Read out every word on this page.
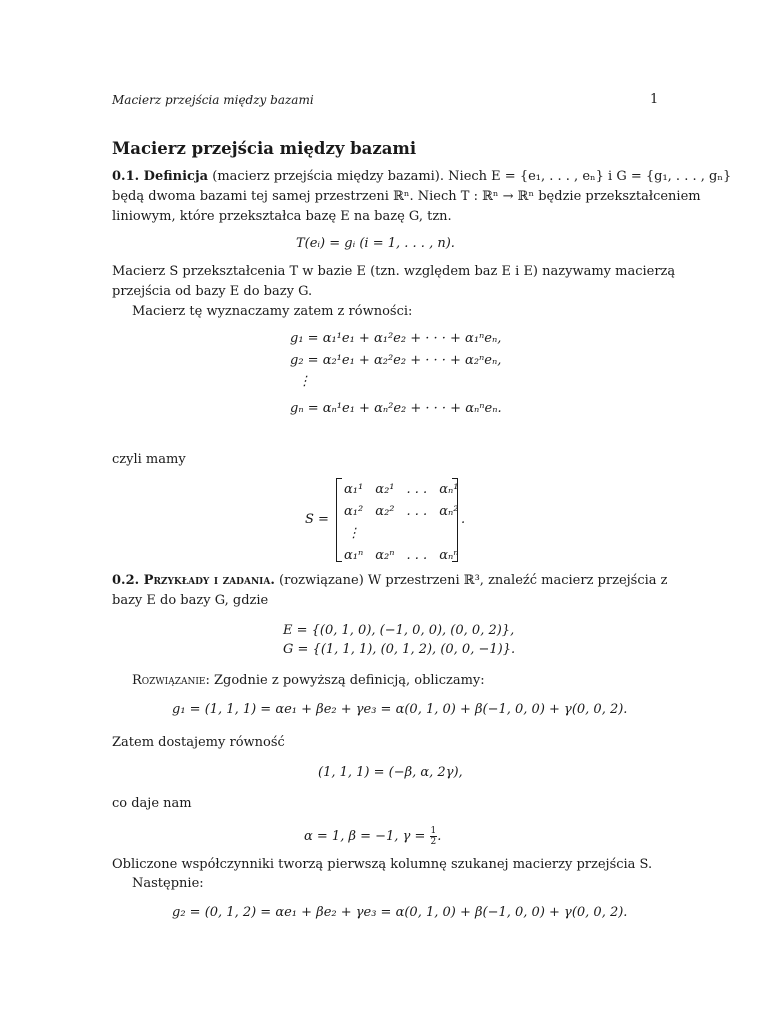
Macierz przejścia między bazami	1
Macierz przejścia między bazami
0.1. Definicja (macierz przejścia między bazami). Niech E = {e₁, . . . , eₙ} i G = {g₁, . . . , gₙ}
będą dwoma bazami tej samej przestrzeni ℝⁿ. Niech T : ℝⁿ → ℝⁿ będzie przekształceniem
liniowym, które przekształca bazę E na bazę G, tzn.
T(eᵢ) = gᵢ (i = 1, . . . , n).
Macierz S przekształcenia T w bazie E (tzn. względem baz E i E) nazywamy macierzą
przejścia od bazy E do bazy G.
Macierz tę wyznaczamy zatem z równości:
g₁ = α₁¹e₁ + α₁²e₂ + · · · + α₁ⁿeₙ,
g₂ = α₂¹e₁ + α₂²e₂ + · · · + α₂ⁿeₙ,
⋮
gₙ = αₙ¹e₁ + αₙ²e₂ + · · · + αₙⁿeₙ.
czyli mamy
S =
α₁¹	α₂¹	. . .	αₙ¹
α₁²	α₂²	. . .	αₙ²
⋮			
α₁ⁿ	α₂ⁿ	. . .	αₙⁿ
.
0.2. Przykłady i zadania. (rozwiązane) W przestrzeni ℝ³, znaleźć macierz przejścia z
bazy E do bazy G, gdzie
E = {(0, 1, 0), (−1, 0, 0), (0, 0, 2)},
G = {(1, 1, 1), (0, 1, 2), (0, 0, −1)}.
Rozwiązanie: Zgodnie z powyższą definicją, obliczamy:
g₁ = (1, 1, 1) = αe₁ + βe₂ + γe₃ = α(0, 1, 0) + β(−1, 0, 0) + γ(0, 0, 2).
Zatem dostajemy równość
(1, 1, 1) = (−β, α, 2γ),
co daje nam
α = 1, β = −1, $\gamma = \frac{1}{2}$ .
Obliczone współczynniki tworzą pierwszą kolumnę szukanej macierzy przejścia S.
Następnie:
g₂ = (0, 1, 2) = αe₁ + βe₂ + γe₃ = α(0, 1, 0) + β(−1, 0, 0) + γ(0, 0, 2).
